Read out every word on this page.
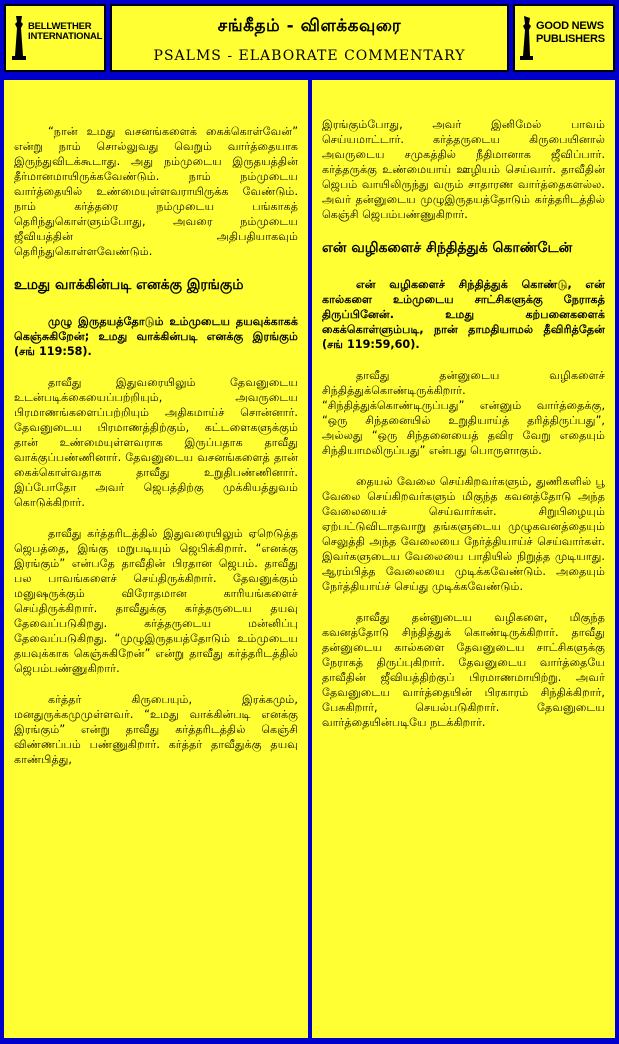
BELLWETHER INTERNATIONAL
சங்கீதம் - விளக்கவுரை
PSALMS - ELABORATE COMMENTARY
GOOD NEWS PUBLISHERS

“நான் உமது வசனங்களைக் கைக்கொள்வேன்” என்று நாம் சொல்லுவது வெறும் வார்த்தையாக இருந்துவிடக்கூடாது. அது நம்முடைய இருதயத்தின் தீர்மானமாயிருக்கவேண்டும். நாம் நம்முடைய வார்த்தையில் உண்மையுள்ளவராயிருக்க வேண்டும். நாம் கர்த்தரை நம்முடைய பங்காகத் தெரிந்துகொள்ளும்போது, அவரை நம்முடைய ஜீவியத்தின் அதிபதியாகவும் தெரிந்துகொள்ளவேண்டும்.

உமது வாக்கின்படி எனக்கு இரங்கும்
முழு இருதயத்தோடும் உம்முடைய தயவுக்காகக் கெஞ்சுகிறேன்; உமது வாக்கின்படி எனக்கு இரங்கும் (சங் 119:58).

தாவீது இதுவரையிலும் தேவனுடைய உடன்படிக்கையைப்பற்றியும், அவருடைய பிரமாணங்களைப்பற்றியும் அதிகமாய்ச் சொன்னார். தேவனுடைய பிரமாணத்திற்கும், கட்டளைகளுக்கும் தான் உண்மையுள்ளவராக இருப்பதாக தாவீது வாக்குப்பண்ணினார். தேவனுடைய வசனங்களைத் தான் கைக்கொள்வதாக தாவீது உறுதிபண்ணினார். இப்போதோ அவர் ஜெபத்திற்கு முக்கியத்துவம் கொடுக்கிறார்.

தாவீது கர்த்தரிடத்தில் இதுவரையிலும் ஏறெடுத்த ஜெபத்தை, இங்கு மறுபடியும் ஜெபிக்கிறார். “எனக்கு இரங்கும்” என்பதே தாவீதின் பிரதான ஜெபம். தாவீது பல பாவங்களைச் செய்திருக்கிறார். தேவனுக்கும் மனுஷருக்கும் விரோதமான காரியங்களைச் செய்திருக்கிறார். தாவீதுக்கு கர்த்தருடைய தயவு தேவைப்படுகிறது. கர்த்தருடைய மன்னிப்பு தேவைப்படுகிறது. “முழுஇருதயத்தோடும் உம்முடைய தயவுக்காக கெஞ்சுகிறேன்” என்று தாவீது கர்த்தரிடத்தில் ஜெபம்பண்ணுகிறார்.

கர்த்தர் கிருபையும், இரக்கமும், மனதுருக்கமுமுள்ளவர். “உமது வாக்கின்படி எனக்கு இரங்கும்” என்று தாவீது கர்த்தரிடத்தில் கெஞ்சி விண்ணப்பம் பண்ணுகிறார். கர்த்தர் தாவீதுக்கு தயவு காண்பித்து,

இரங்கும்போது, அவர் இனிமேல் பாவம் செய்யமாட்டார். கர்த்தருடைய கிருபையினால் அவருடைய சமுகத்தில் நீதிமானாக ஜீவிப்பார். கர்த்தருக்கு உண்மையாய் ஊழியம் செய்வார். தாவீதின் ஜெபம் வாயிலிருந்து வரும் சாதாரண வார்த்தைகளல்ல. அவர் தன்னுடைய முழுஇருதயத்தோடும் கர்த்தரிடத்தில் கெஞ்சி ஜெபம்பண்ணுகிறார்.

என் வழிகளைச் சிந்தித்துக் கொண்டேன்
என் வழிகளைச் சிந்தித்துக் கொண்டு, என் கால்களை உம்முடைய சாட்சிகளுக்கு நேராகத் திருப்பினேன். உமது கற்பனைகளைக் கைக்கொள்ளும்படி, நான் தாமதியாமல் தீவிரித்தேன் (சங் 119:59,60).

தாவீது தன்னுடைய வழிகளைச் சிந்தித்துக்கொண்டிருக்கிறார். “சிந்தித்துக்கொண்டிருப்பது” என்னும் வார்த்தைக்கு, “ஒரு சிந்தனையில் உறுதியாய்த் தரித்திருப்பது”, அல்லது “ஒரு சிந்தனையைத் தவிர வேறு எதையும் சிந்தியாமலிருப்பது” என்பது பொருளாகும்.

தையல் வேலை செய்கிறவர்களும், துணிகளில் பூ வேலை செய்கிறவர்களும் மிகுந்த கவனத்தோடு அந்த வேலையைச் செய்வார்கள். சிறுபிழையும் ஏற்பட்டுவிடாதவாறு தங்களுடைய முழுகவனத்தையும் செலுத்தி அந்த வேலையை நேர்த்தியாய்ச் செய்வார்கள். இவர்களுடைய வேலையை பாதியில் நிறுத்த முடியாது. ஆரம்பித்த வேலையை முடிக்கவேண்டும். அதையும் நேர்த்தியாய்ச் செய்து முடிக்கவேண்டும்.

தாவீது தன்னுடைய வழிகளை, மிகுந்த கவனத்தோடு சிந்தித்துக் கொண்டிருக்கிறார். தாவீது தன்னுடைய கால்களை தேவனுடைய சாட்சிகளுக்கு நேராகத் திருப்புகிறார். தேவனுடைய வார்த்தையே தாவீதின் ஜீவியத்திற்குப் பிரமாணமாயிற்று. அவர் தேவனுடைய வார்த்தையின் பிரகாரம் சிந்திக்கிறார், பேசுகிறார், செயல்படுகிறார். தேவனுடைய வார்த்தையின்படியே நடக்கிறார்.
